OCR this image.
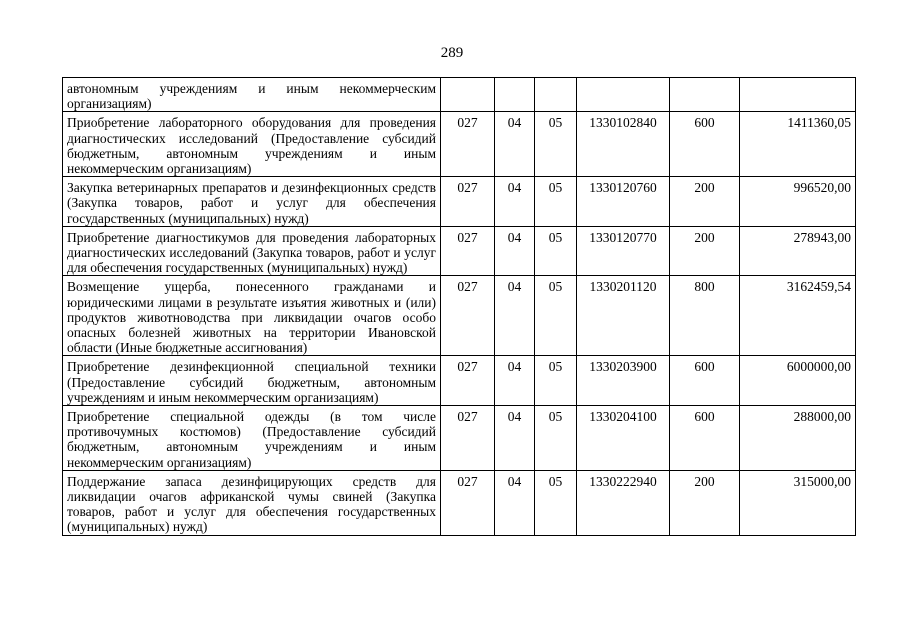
289
автономным учреждениям и иным некоммерческим организациям)						
Приобретение лабораторного оборудования для проведения диагностических исследований (Предоставление субсидий бюджетным, автономным учреждениям и иным некоммерческим организациям)	027	04	05	1330102840	600	1411360,05
Закупка ветеринарных препаратов и дезинфекционных средств (Закупка товаров, работ и услуг для обеспечения государственных (муниципальных) нужд)	027	04	05	1330120760	200	996520,00
Приобретение диагностикумов для проведения лабораторных диагностических исследований (Закупка товаров, работ и услуг для обеспечения государственных (муниципальных) нужд)	027	04	05	1330120770	200	278943,00
Возмещение ущерба, понесенного гражданами и юридическими лицами в результате изъятия животных и (или) продуктов животноводства при ликвидации очагов особо опасных болезней животных на территории Ивановской области (Иные бюджетные ассигнования)	027	04	05	1330201120	800	3162459,54
Приобретение дезинфекционной специальной техники (Предоставление субсидий бюджетным, автономным учреждениям и иным некоммерческим организациям)	027	04	05	1330203900	600	6000000,00
Приобретение специальной одежды (в том числе противочумных костюмов) (Предоставление субсидий бюджетным, автономным учреждениям и иным некоммерческим организациям)	027	04	05	1330204100	600	288000,00
Поддержание запаса дезинфицирующих средств для ликвидации очагов африканской чумы свиней (Закупка товаров, работ и услуг для обеспечения государственных (муниципальных) нужд)	027	04	05	1330222940	200	315000,00
